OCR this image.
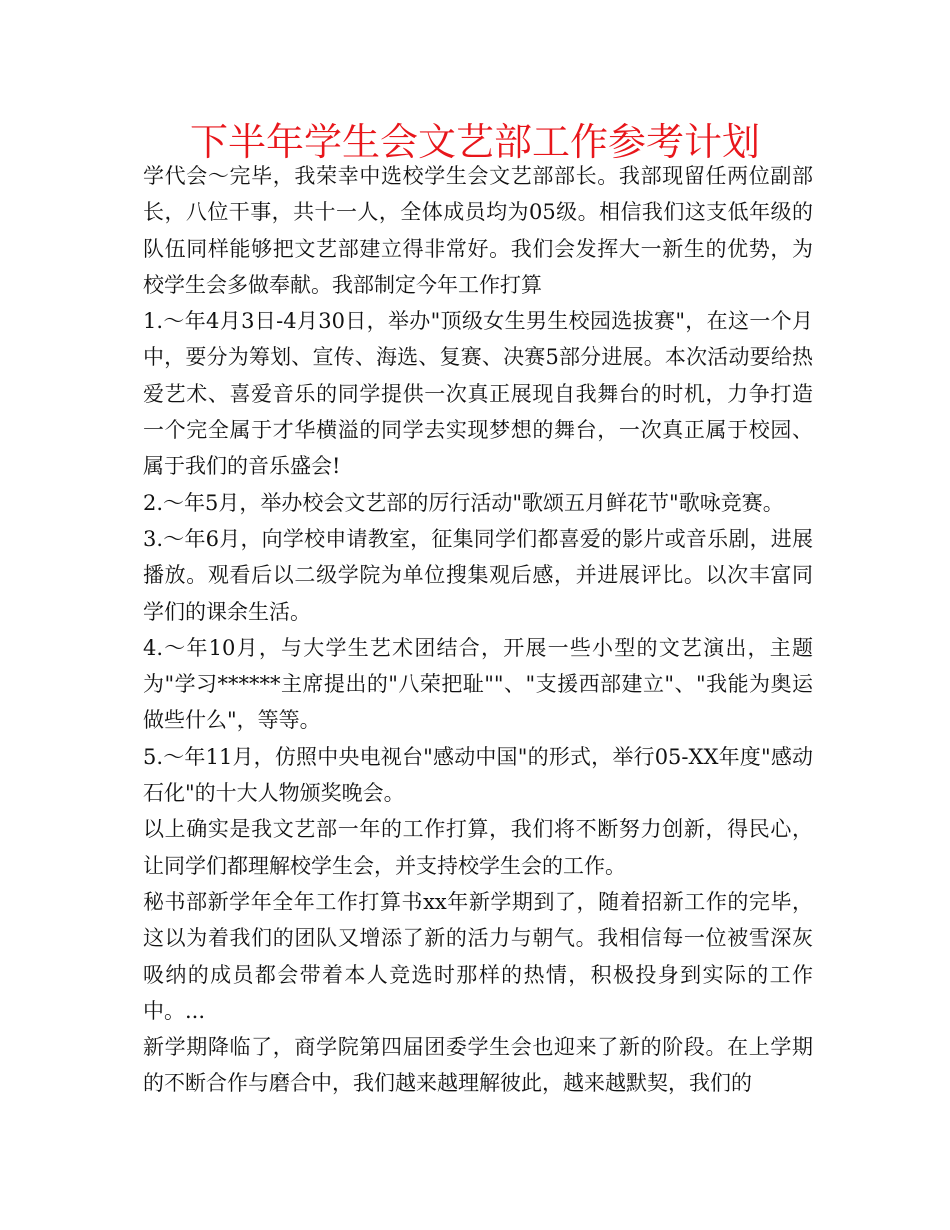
下半年学生会文艺部工作参考计划

学代会～完毕，我荣幸中选校学生会文艺部部长。我部现留任两位副部长，八位干事，共十一人，全体成员均为05级。相信我们这支低年级的队伍同样能够把文艺部建立得非常好。我们会发挥大一新生的优势，为校学生会多做奉献。我部制定今年工作打算

1.～年4月3日-4月30日，举办"顶级女生男生校园选拔赛"，在这一个月中，要分为筹划、宣传、海选、复赛、决赛5部分进展。本次活动要给热爱艺术、喜爱音乐的同学提供一次真正展现自我舞台的时机，力争打造一个完全属于才华横溢的同学去实现梦想的舞台，一次真正属于校园、属于我们的音乐盛会!

2.～年5月，举办校会文艺部的厉行活动"歌颂五月鲜花节"歌咏竞赛。

3.～年6月，向学校申请教室，征集同学们都喜爱的影片或音乐剧，进展播放。观看后以二级学院为单位搜集观后感，并进展评比。以次丰富同学们的课余生活。

4.～年10月，与大学生艺术团结合，开展一些小型的文艺演出，主题为"学习******主席提出的"八荣把耻""、"支援西部建立"、"我能为奥运做些什么"，等等。

5.～年11月，仿照中央电视台"感动中国"的形式，举行05-XX年度"感动石化"的十大人物颁奖晚会。

以上确实是我文艺部一年的工作打算，我们将不断努力创新，得民心，让同学们都理解校学生会，并支持校学生会的工作。

秘书部新学年全年工作打算书xx年新学期到了，随着招新工作的完毕，这以为着我们的团队又增添了新的活力与朝气。我相信每一位被雪深灰吸纳的成员都会带着本人竞选时那样的热情，积极投身到实际的工作中。...

新学期降临了，商学院第四届团委学生会也迎来了新的阶段。在上学期的不断合作与磨合中，我们越来越理解彼此，越来越默契，我们的
